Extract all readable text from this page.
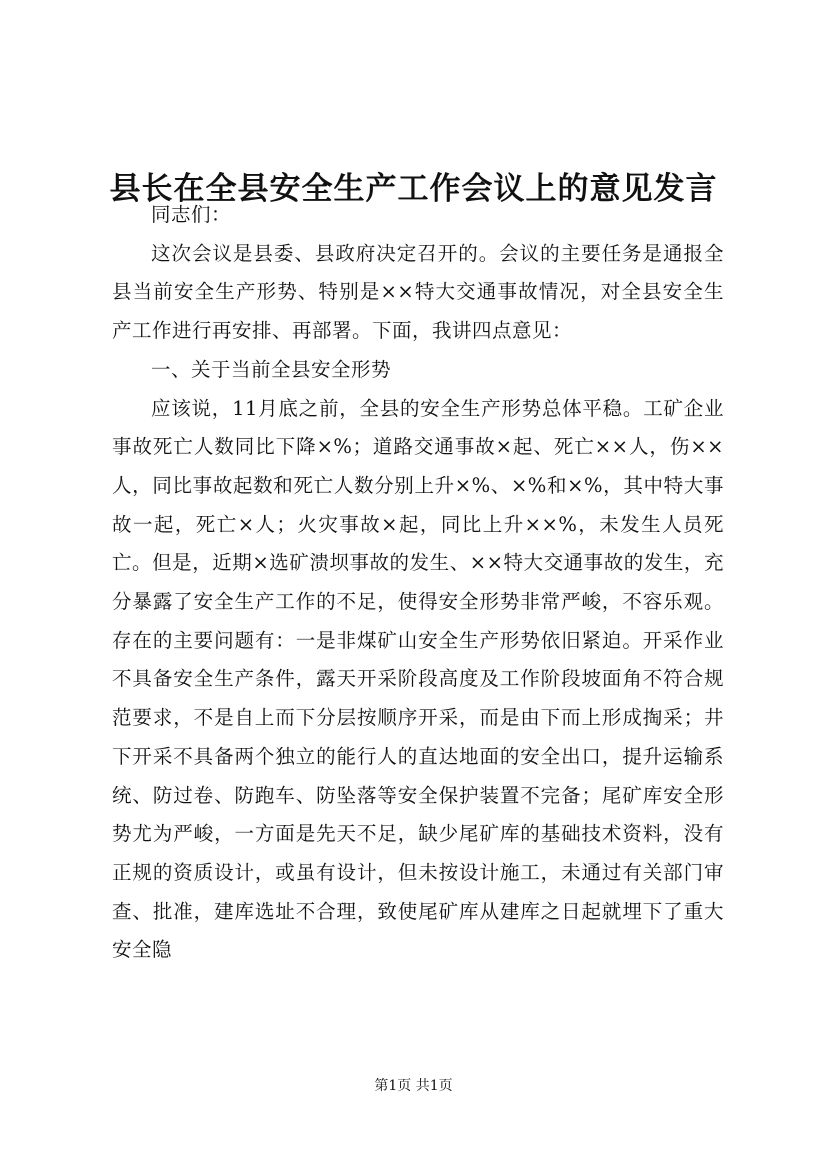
县长在全县安全生产工作会议上的意见发言

同志们：

这次会议是县委、县政府决定召开的。会议的主要任务是通报全县当前安全生产形势、特别是××特大交通事故情况，对全县安全生产工作进行再安排、再部署。下面，我讲四点意见：

一、关于当前全县安全形势

应该说，11月底之前，全县的安全生产形势总体平稳。工矿企业事故死亡人数同比下降×%；道路交通事故×起、死亡××人，伤××人，同比事故起数和死亡人数分别上升×%、×%和×%，其中特大事故一起，死亡×人；火灾事故×起，同比上升××%，未发生人员死亡。但是，近期×选矿溃坝事故的发生、××特大交通事故的发生，充分暴露了安全生产工作的不足，使得安全形势非常严峻，不容乐观。存在的主要问题有：一是非煤矿山安全生产形势依旧紧迫。开采作业不具备安全生产条件，露天开采阶段高度及工作阶段坡面角不符合规范要求，不是自上而下分层按顺序开采，而是由下而上形成掏采；井下开采不具备两个独立的能行人的直达地面的安全出口，提升运输系统、防过卷、防跑车、防坠落等安全保护装置不完备；尾矿库安全形势尤为严峻，一方面是先天不足，缺少尾矿库的基础技术资料，没有正规的资质设计，或虽有设计，但未按设计施工，未通过有关部门审查、批准，建库选址不合理，致使尾矿库从建库之日起就埋下了重大安全隐

第1页 共1页
